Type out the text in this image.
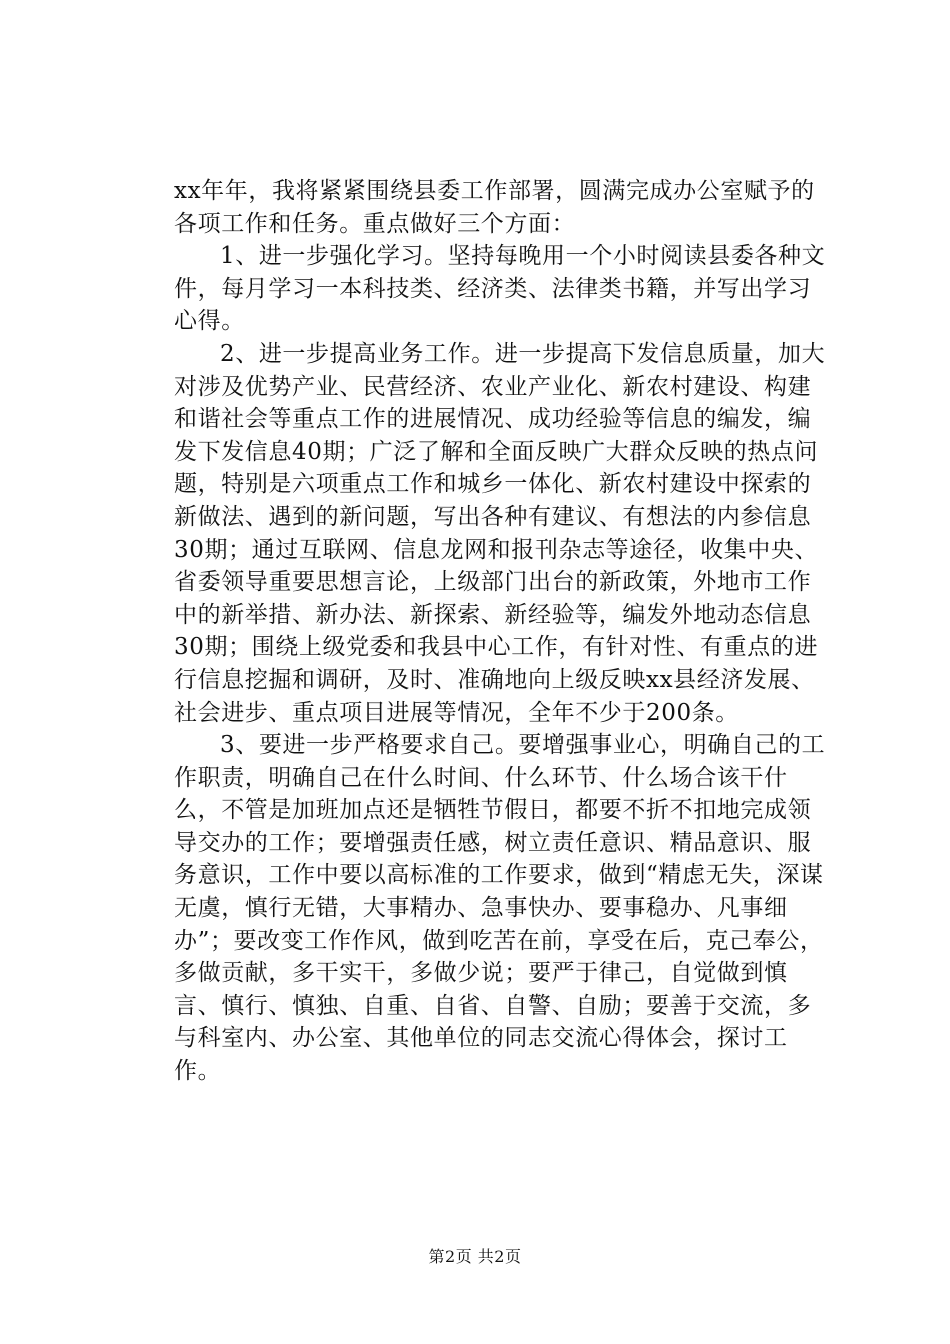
xx年年，我将紧紧围绕县委工作部署，圆满完成办公室赋予的各项工作和任务。重点做好三个方面：

1、进一步强化学习。坚持每晚用一个小时阅读县委各种文件，每月学习一本科技类、经济类、法律类书籍，并写出学习心得。

2、进一步提高业务工作。进一步提高下发信息质量，加大对涉及优势产业、民营经济、农业产业化、新农村建设、构建和谐社会等重点工作的进展情况、成功经验等信息的编发，编发下发信息40期；广泛了解和全面反映广大群众反映的热点问题，特别是六项重点工作和城乡一体化、新农村建设中探索的新做法、遇到的新问题，写出各种有建议、有想法的内参信息30期；通过互联网、信息龙网和报刊杂志等途径，收集中央、省委领导重要思想言论，上级部门出台的新政策，外地市工作中的新举措、新办法、新探索、新经验等，编发外地动态信息30期；围绕上级党委和我县中心工作，有针对性、有重点的进行信息挖掘和调研，及时、准确地向上级反映xx县经济发展、社会进步、重点项目进展等情况，全年不少于200条。

3、要进一步严格要求自己。要增强事业心，明确自己的工作职责，明确自己在什么时间、什么环节、什么场合该干什么，不管是加班加点还是牺牲节假日，都要不折不扣地完成领导交办的工作；要增强责任感，树立责任意识、精品意识、服务意识，工作中要以高标准的工作要求，做到“精虑无失，深谋无虞，慎行无错，大事精办、急事快办、要事稳办、凡事细办”；要改变工作作风，做到吃苦在前，享受在后，克己奉公，多做贡献，多干实干，多做少说；要严于律己，自觉做到慎言、慎行、慎独、自重、自省、自警、自励；要善于交流，多与科室内、办公室、其他单位的同志交流心得体会，探讨工作。

第2页 共2页
